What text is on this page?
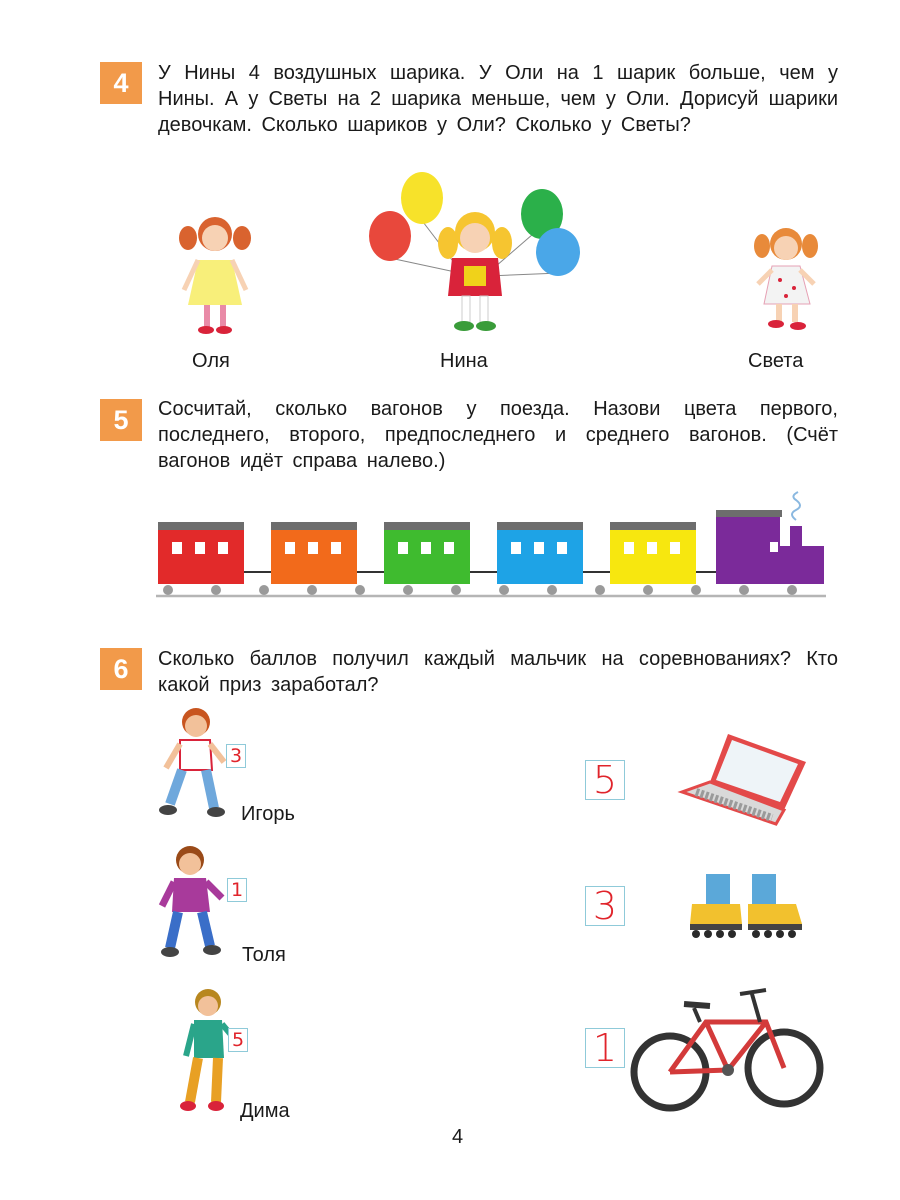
4	У Нины 4 воздушных шарика. У Оли на 1 шарик больше, чем у Нины. А у Светы на 2 шарика меньше, чем у Оли. Дорисуй шарики девочкам. Сколько шариков у Оли? Сколько у Светы?
Оля	Нина	Света
5	Сосчитай, сколько вагонов у поезда. Назови цвета первого, последнего, второго, предпоследнего и среднего вагонов. (Счёт вагонов идёт справа налево.)
6	Сколько баллов получил каждый мальчик на соревнованиях? Кто какой приз заработал?
3
Игорь
1
Толя
5
Дима
5
3
1
4
